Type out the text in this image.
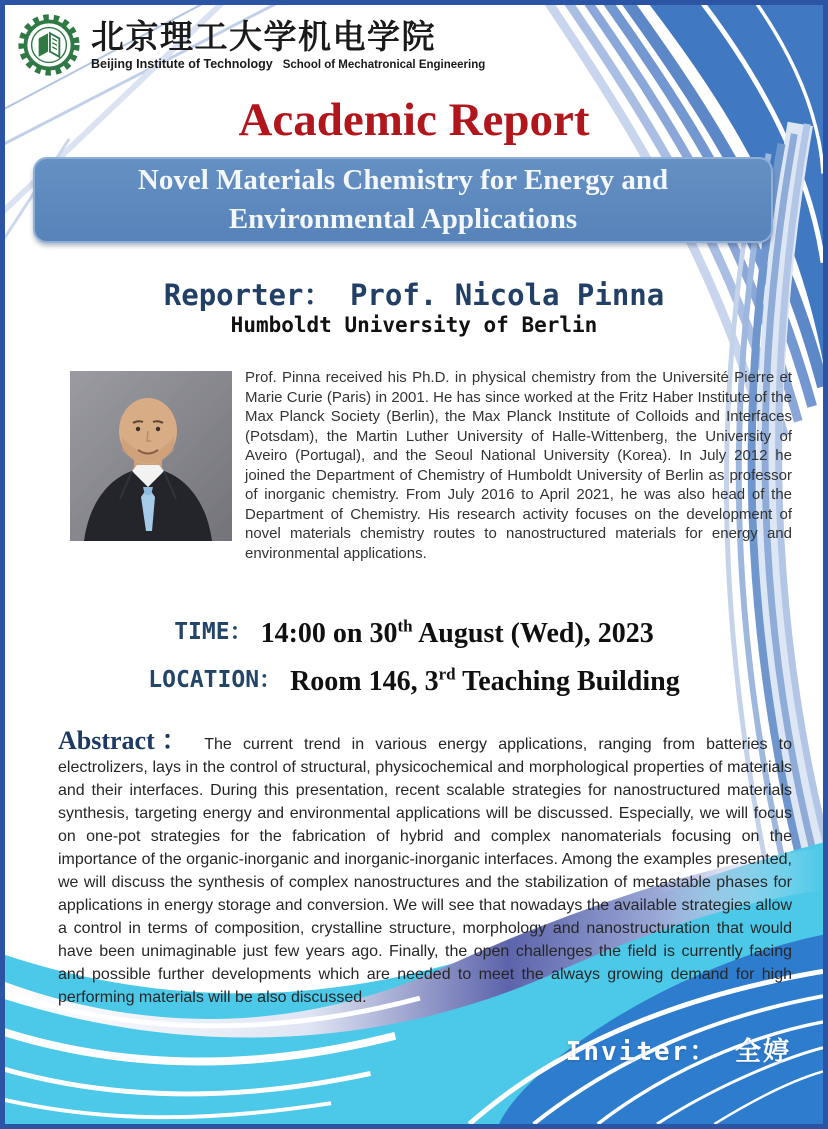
北京理工大学机电学院
Beijing Institute of Technology School of Mechatronical Engineering
Academic Report
Novel Materials Chemistry for Energy and
Environmental Applications
Reporter： Prof. Nicola Pinna
Humboldt University of Berlin
Prof. Pinna received his Ph.D. in physical chemistry from the Université Pierre et Marie Curie (Paris) in 2001. He has since worked at the Fritz Haber Institute of the Max Planck Society (Berlin), the Max Planck Institute of Colloids and Interfaces (Potsdam), the Martin Luther University of Halle-Wittenberg, the University of Aveiro (Portugal), and the Seoul National University (Korea). In July 2012 he joined the Department of Chemistry of Humboldt University of Berlin as professor of inorganic chemistry. From July 2016 to April 2021, he was also head of the Department of Chemistry. His research activity focuses on the development of novel materials chemistry routes to nanostructured materials for energy and environmental applications.
TIME： 14:00 on 30th August (Wed), 2023
LOCATION： Room 146, 3rd Teaching Building
Abstract： The current trend in various energy applications, ranging from batteries to electrolizers, lays in the control of structural, physicochemical and morphological properties of materials and their interfaces. During this presentation, recent scalable strategies for nanostructured materials synthesis, targeting energy and environmental applications will be discussed. Especially, we will focus on one-pot strategies for the fabrication of hybrid and complex nanomaterials focusing on the importance of the organic-inorganic and inorganic-inorganic interfaces. Among the examples presented, we will discuss the synthesis of complex nanostructures and the stabilization of metastable phases for applications in energy storage and conversion. We will see that nowadays the available strategies allow a control in terms of composition, crystalline structure, morphology and nanostructuration that would have been unimaginable just few years ago. Finally, the open challenges the field is currently facing and possible further developments which are needed to meet the always growing demand for high performing materials will be also discussed.
Inviter： 全婷
